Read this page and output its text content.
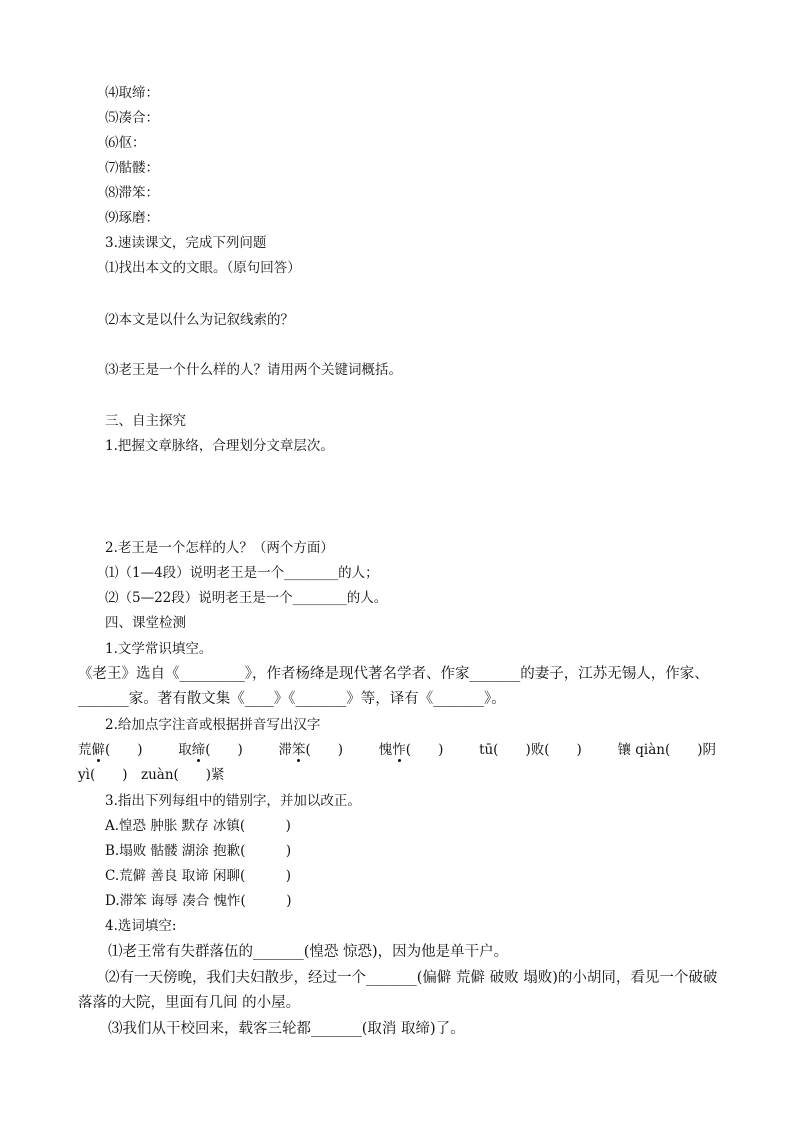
⑷取缔：
⑸凑合：
⑹伛：
⑺骷髅：
⑻滞笨：
⑼琢磨：
3.速读课文，完成下列问题
⑴找出本文的文眼。（原句回答）
⑵本文是以什么为记叙线索的？
⑶老王是一个什么样的人？请用两个关键词概括。
三、自主探究
1.把握文章脉络，合理划分文章层次。
2.老王是一个怎样的人？（两个方面）
⑴（1—4段）说明老王是一个________的人；
⑵（5—22段）说明老王是一个________的人。
四、课堂检测
1.文学常识填空。
《老王》选自《_________》，作者杨绛是现代著名学者、作家_______的妻子，江苏无锡人，作家、
_______家。著有散文集《____》《_______》等，译有《_______》。
2.给加点字注音或根据拼音写出汉字
荒僻(　　)	取缔(　　)	滞笨(　　)	愧怍(　　)	tū(　　)败(　　)	镶 qiàn(　　)阴
yì(　　)　zuàn(　　)紧
3.指出下列每组中的错别字，并加以改正。
A.惶恐 肿胀 默存 冰镇(　　　)
B.塌败 骷髅 湖涂 抱歉(　　　)
C.荒僻 善良 取谛 闲聊(　　　)
D.滞笨 诲辱 凑合 愧怍(　　　)
4.选词填空:
⑴老王常有失群落伍的_______(惶恐 惊恐)，因为他是单干户。
⑵有一天傍晚，我们夫妇散步，经过一个_______(偏僻 荒僻 破败 塌败)的小胡同，看见一个破破
落落的大院，里面有几间 的小屋。
⑶我们从干校回来，载客三轮都_______(取消 取缔)了。
